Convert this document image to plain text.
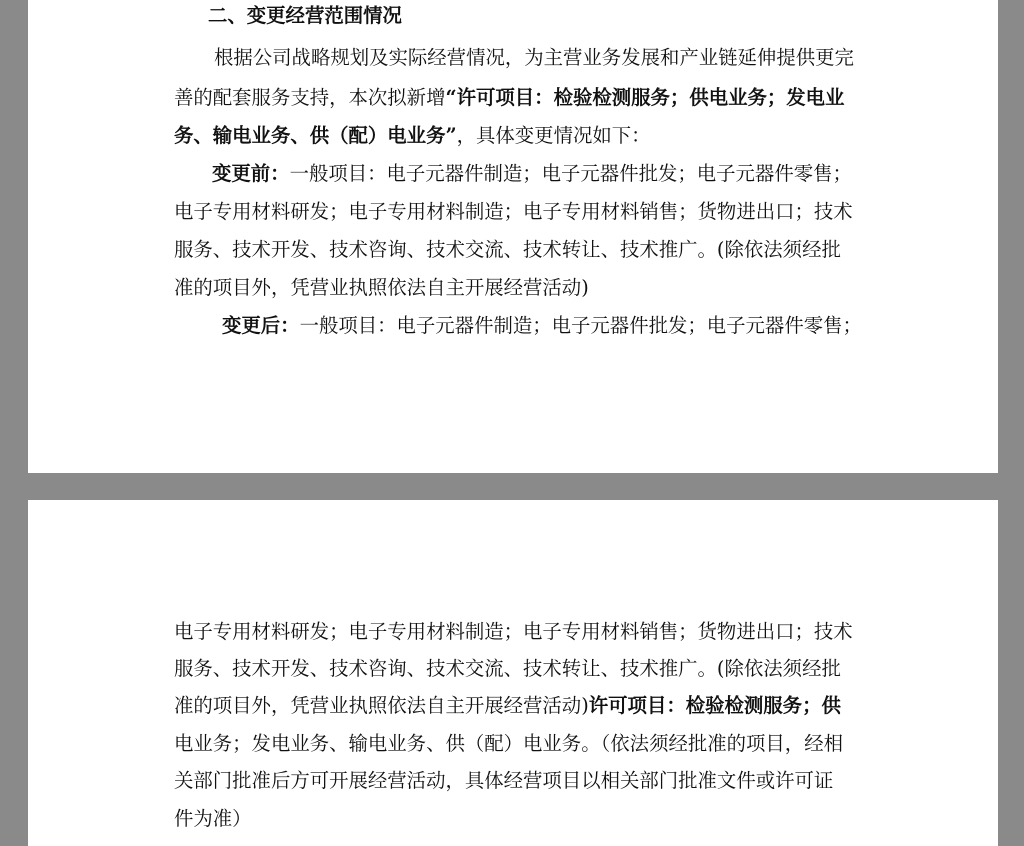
二、变更经营范围情况
根据公司战略规划及实际经营情况，为主营业务发展和产业链延伸提供更完
善的配套服务支持，本次拟新增“许可项目：检验检测服务；供电业务；发电业
务、输电业务、供（配）电业务”，具体变更情况如下：
变更前：一般项目：电子元器件制造；电子元器件批发；电子元器件零售；
电子专用材料研发；电子专用材料制造；电子专用材料销售；货物进出口；技术
服务、技术开发、技术咨询、技术交流、技术转让、技术推广。(除依法须经批
准的项目外，凭营业执照依法自主开展经营活动)
变更后：一般项目：电子元器件制造；电子元器件批发；电子元器件零售；
电子专用材料研发；电子专用材料制造；电子专用材料销售；货物进出口；技术
服务、技术开发、技术咨询、技术交流、技术转让、技术推广。(除依法须经批
准的项目外，凭营业执照依法自主开展经营活动)许可项目：检验检测服务；供
电业务；发电业务、输电业务、供（配）电业务。（依法须经批准的项目，经相
关部门批准后方可开展经营活动，具体经营项目以相关部门批准文件或许可证
件为准）
